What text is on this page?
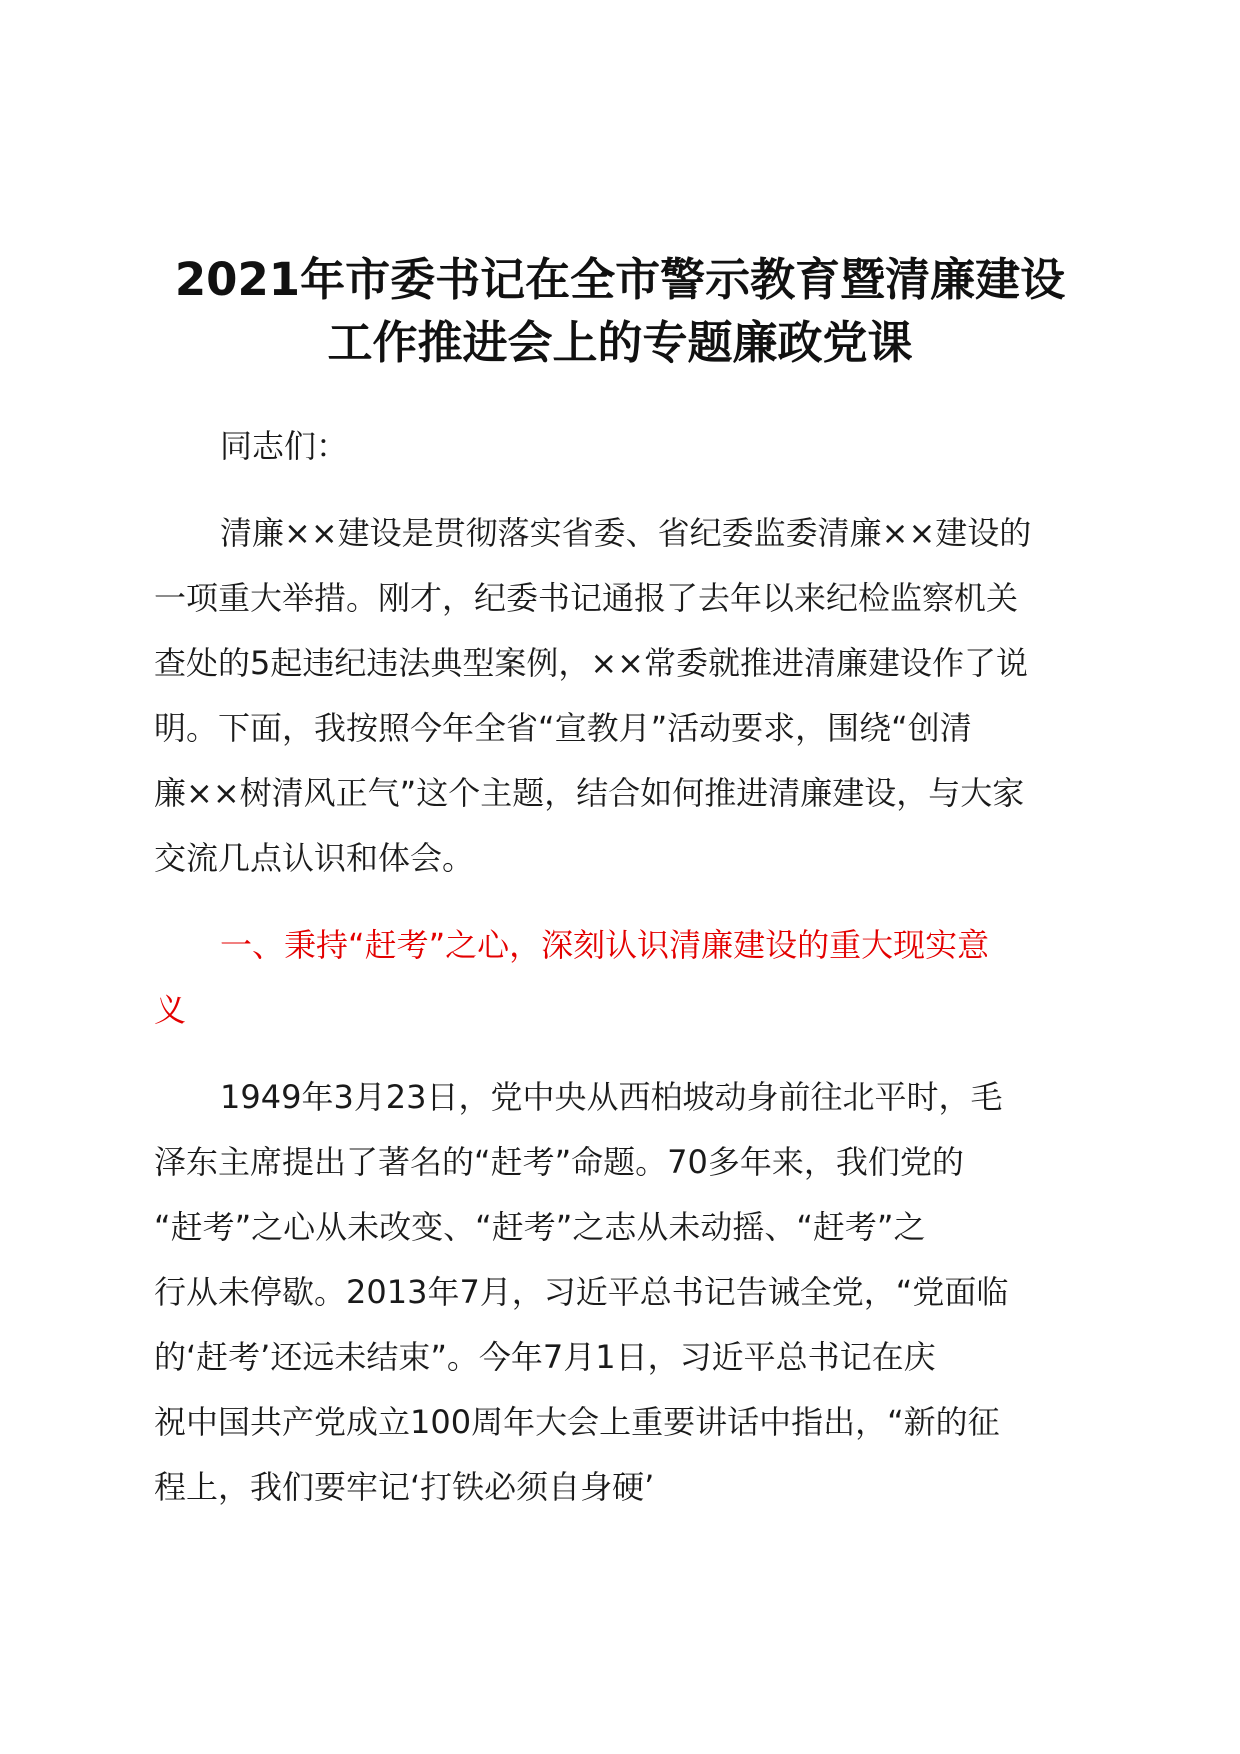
2021年市委书记在全市警示教育暨清廉建设
工作推进会上的专题廉政党课
同志们：
清廉××建设是贯彻落实省委、省纪委监委清廉××建设的
一项重大举措。刚才，纪委书记通报了去年以来纪检监察机关
查处的5起违纪违法典型案例，××常委就推进清廉建设作了说
明。下面，我按照今年全省“宣教月”活动要求，围绕“创清
廉××树清风正气”这个主题，结合如何推进清廉建设，与大家
交流几点认识和体会。
一、秉持“赶考”之心，深刻认识清廉建设的重大现实意
义
1949年3月23日，党中央从西柏坡动身前往北平时，毛
泽东主席提出了著名的“赶考”命题。70多年来，我们党的
“赶考”之心从未改变、“赶考”之志从未动摇、“赶考”之
行从未停歇。2013年7月，习近平总书记告诫全党，“党面临
的‘赶考’还远未结束”。今年7月1日，习近平总书记在庆
祝中国共产党成立100周年大会上重要讲话中指出，“新的征
程上，我们要牢记‘打铁必须自身硬’
